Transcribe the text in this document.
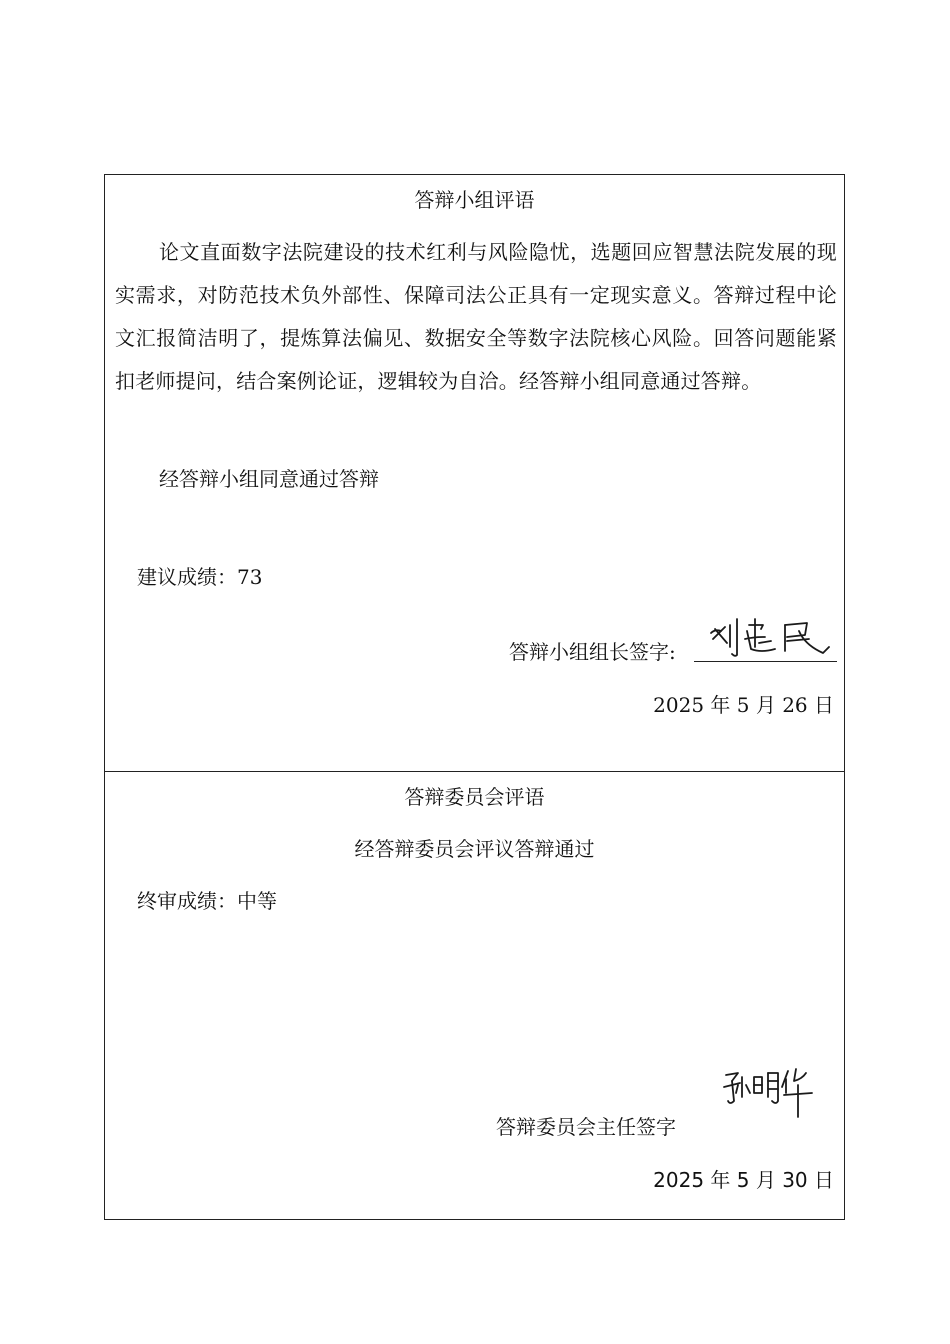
答辩小组评语
论文直面数字法院建设的技术红利与风险隐忧，选题回应智慧法院发展的现实需求，对防范技术负外部性、保障司法公正具有一定现实意义。答辩过程中论文汇报简洁明了，提炼算法偏见、数据安全等数字法院核心风险。回答问题能紧扣老师提问，结合案例论证，逻辑较为自洽。经答辩小组同意通过答辩。
经答辩小组同意通过答辩
建议成绩：73
答辩小组组长签字:
2025 年 5 月 26 日
答辩委员会评语
经答辩委员会评议答辩通过
终审成绩：中等
答辩委员会主任签字
2025 年 5 月 30 日
